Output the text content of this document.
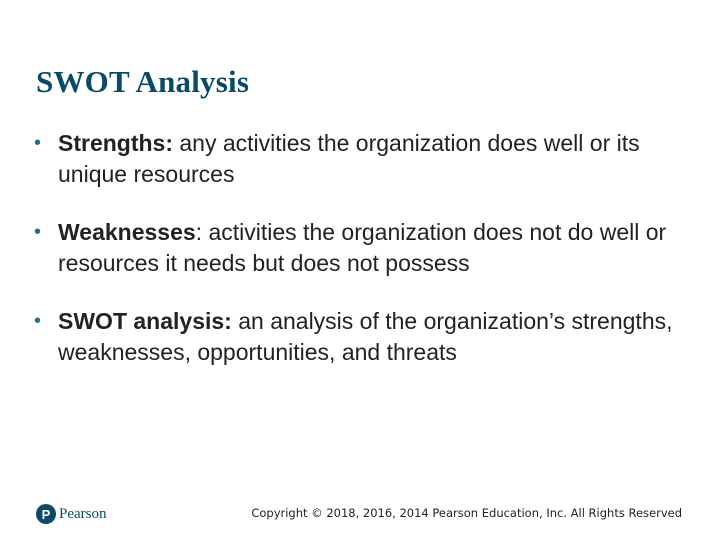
SWOT Analysis
• Strengths: any activities the organization does well or its unique resources
• Weaknesses: activities the organization does not do well or resources it needs but does not possess
• SWOT analysis: an analysis of the organization’s strengths, weaknesses, opportunities, and threats
P Pearson	Copyright © 2018, 2016, 2014 Pearson Education, Inc. All Rights Reserved
